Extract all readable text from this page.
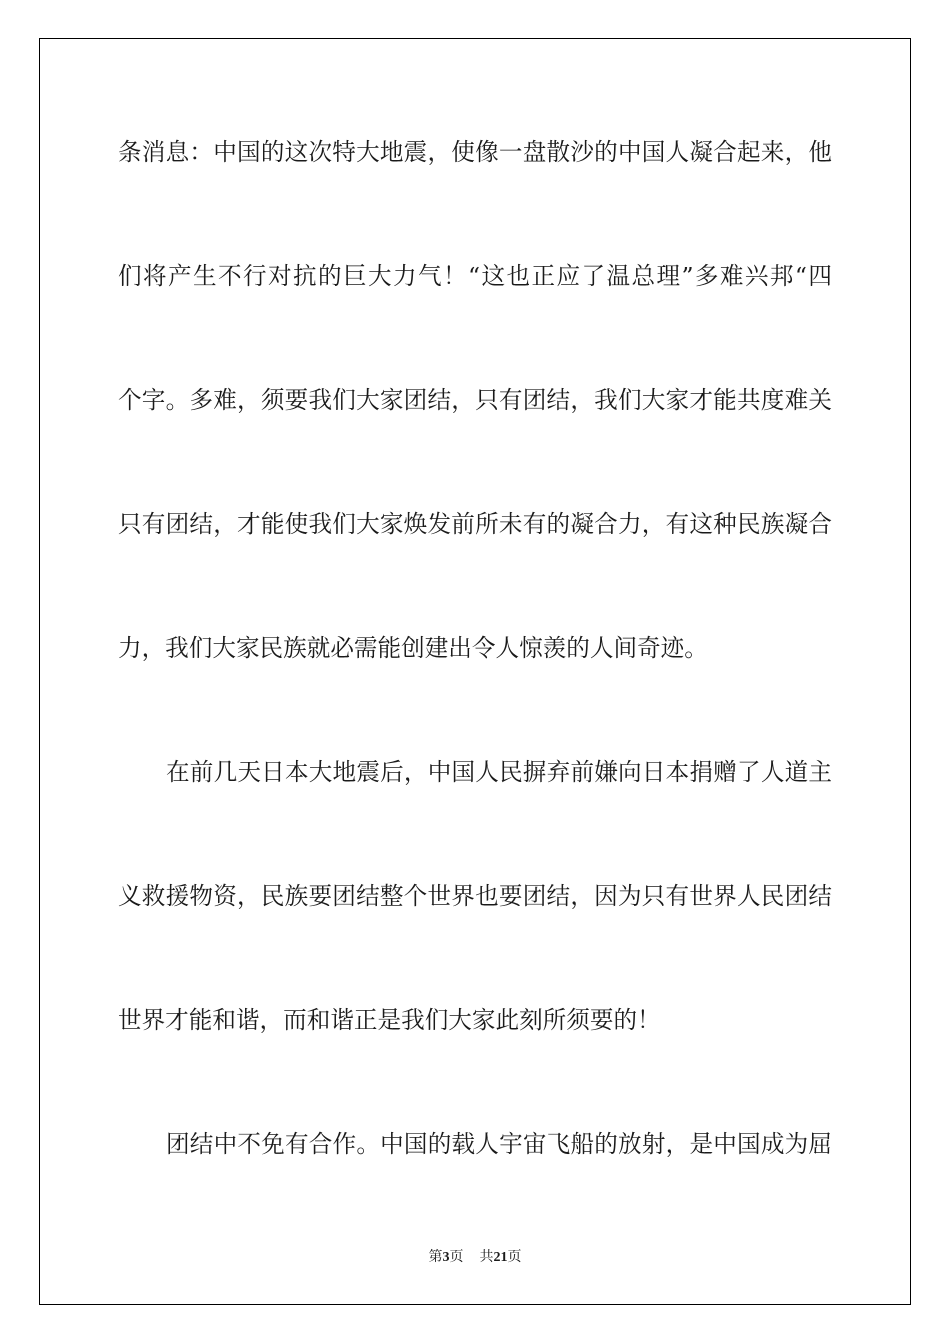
条消息：中国的这次特大地震，使像一盘散沙的中国人凝合起来，他
们将产生不行对抗的巨大力气！“这也正应了温总理”多难兴邦“四
个字。多难，须要我们大家团结，只有团结，我们大家才能共度难关
只有团结，才能使我们大家焕发前所未有的凝合力，有这种民族凝合
力，我们大家民族就必需能创建出令人惊羡的人间奇迹。
在前几天日本大地震后，中国人民摒弃前嫌向日本捐赠了人道主
义救援物资，民族要团结整个世界也要团结，因为只有世界人民团结
世界才能和谐，而和谐正是我们大家此刻所须要的！
团结中不免有合作。中国的载人宇宙飞船的放射，是中国成为屈
第3页 共21页
